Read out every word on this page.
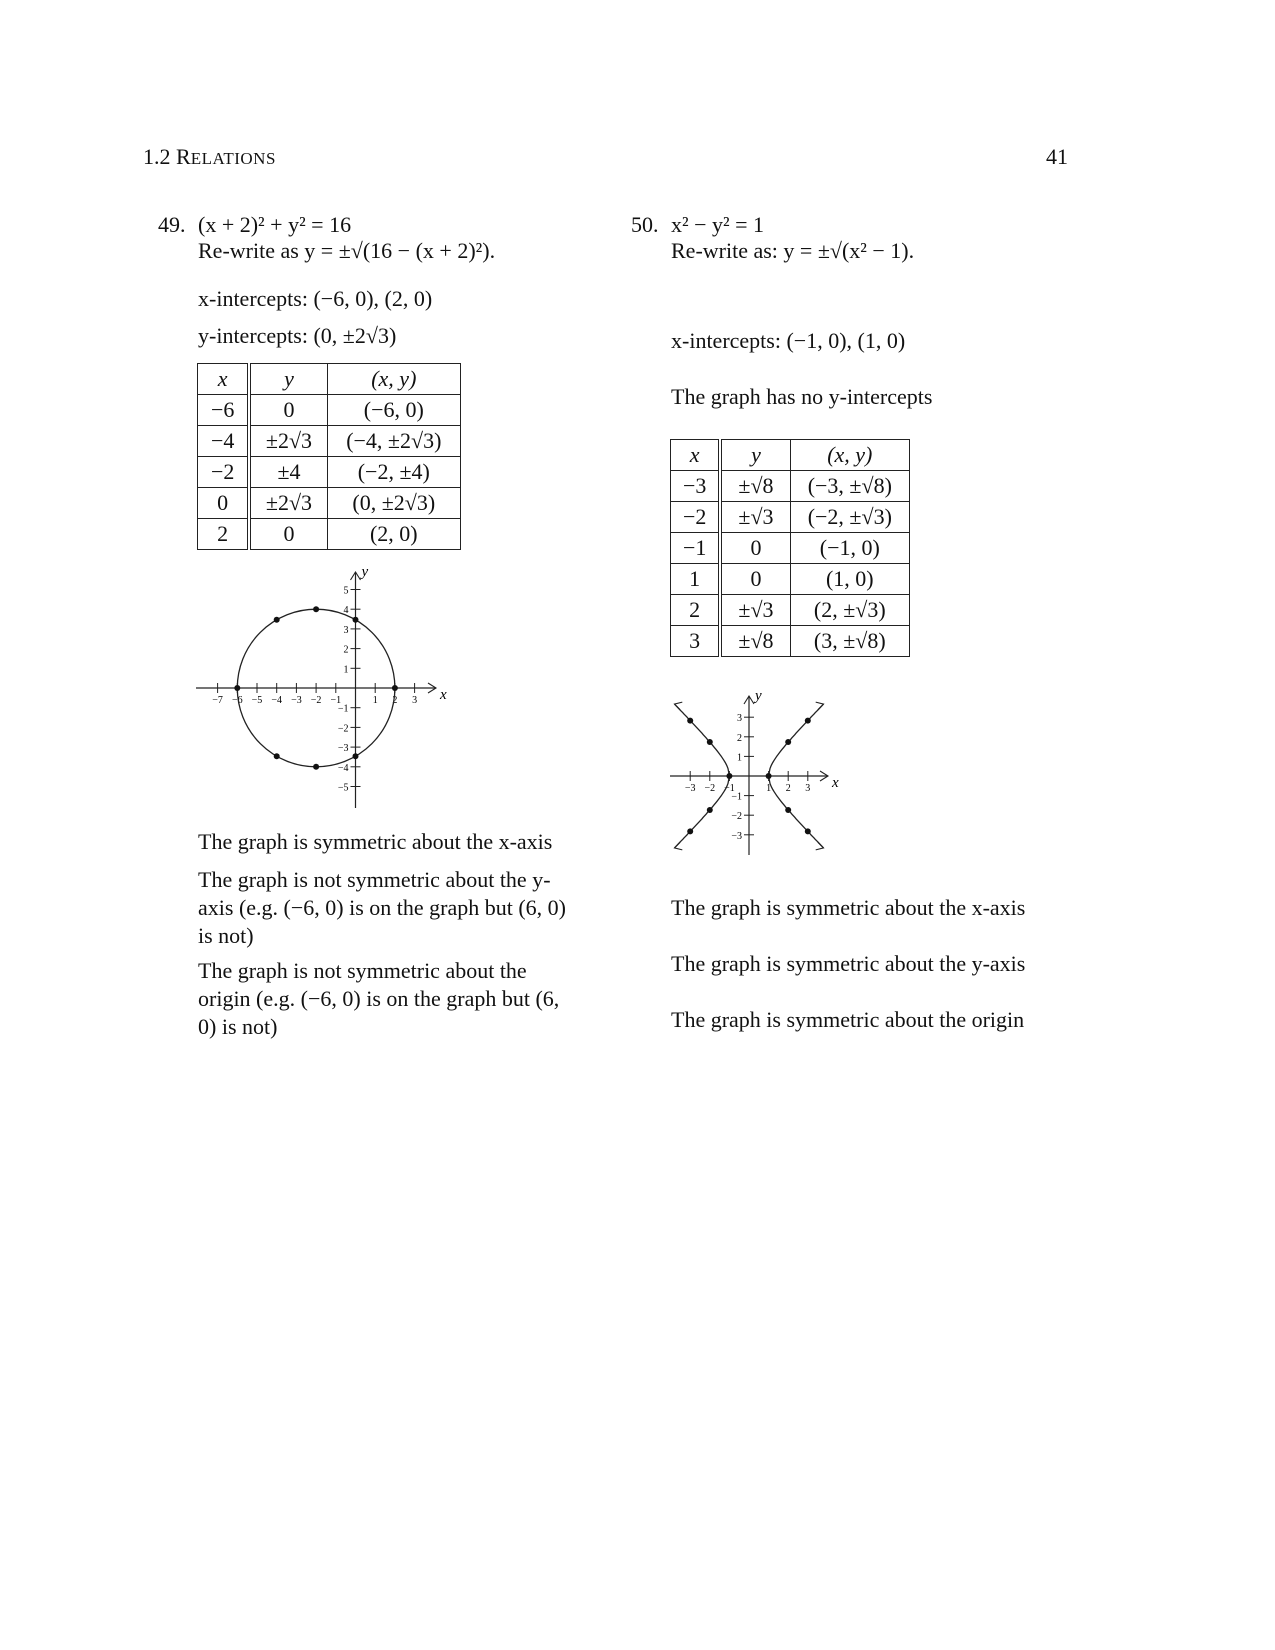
1.2 RELATIONS	41
49. (x + 2)² + y² = 16
Re-write as y = ±√(16 − (x + 2)²).
x-intercepts: (−6, 0), (2, 0)
y-intercepts: (0, ±2√3)
x	y	(x, y)
−6	0	(−6, 0)
−4	±2√3	(−4, ±2√3)
−2	±4	(−2, ±4)
0	±2√3	(0, ±2√3)
2	0	(2, 0)
x
y
−7 −6 −5 −4 −3 −2 −1	1 2 3
5
4
3
2
1
−1
−2
−3
−4
−5
The graph is symmetric about the x-axis
The graph is not symmetric about the y-axis (e.g. (−6, 0) is on the graph but (6, 0) is not)
The graph is not symmetric about the origin (e.g. (−6, 0) is on the graph but (6, 0) is not)
50. x² − y² = 1
Re-write as: y = ±√(x² − 1).
x-intercepts: (−1, 0), (1, 0)
The graph has no y-intercepts
x	y	(x, y)
−3	±√8	(−3, ±√8)
−2	±√3	(−2, ±√3)
−1	0	(−1, 0)
1	0	(1, 0)
2	±√3	(2, ±√3)
3	±√8	(3, ±√8)
x
y
−3 −2 −1	1 2 3
3
2
1
−1
−2
−3
The graph is symmetric about the x-axis
The graph is symmetric about the y-axis
The graph is symmetric about the origin
